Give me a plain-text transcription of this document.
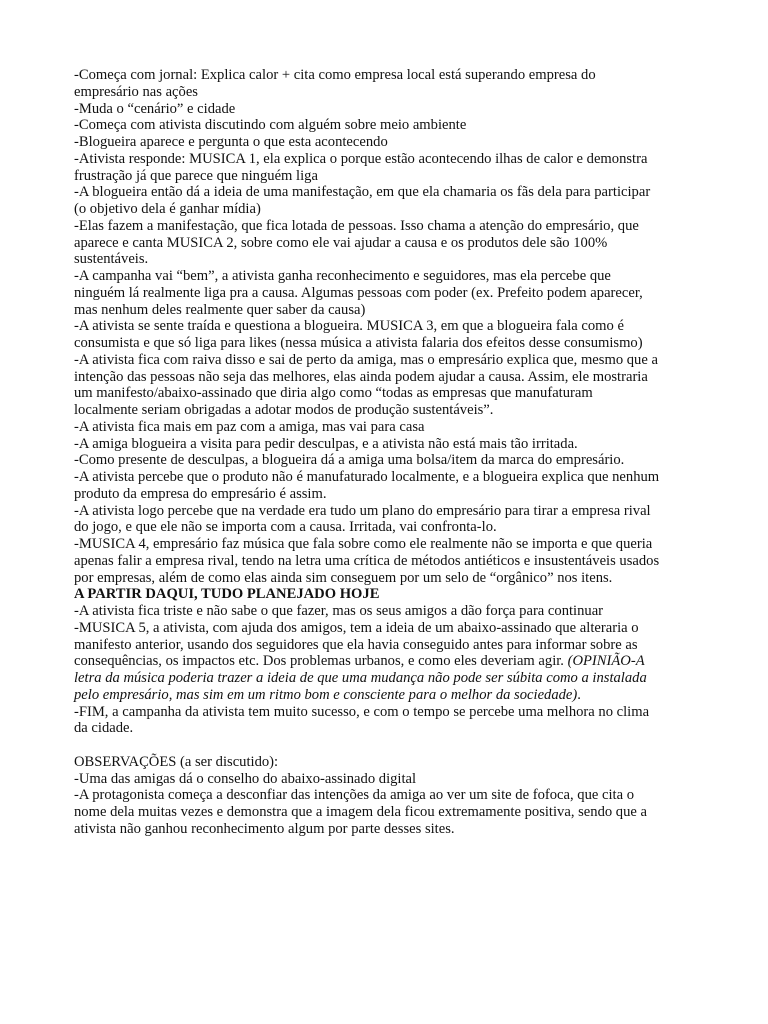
-Começa com jornal: Explica calor + cita como empresa local está superando empresa do
empresário nas ações
-Muda o “cenário” e cidade
-Começa com ativista discutindo com alguém sobre meio ambiente
-Blogueira aparece e pergunta o que esta acontecendo
-Ativista responde: MUSICA 1, ela explica o porque estão acontecendo ilhas de calor e demonstra
frustração já que parece que ninguém liga
-A blogueira então dá a ideia de uma manifestação, em que ela chamaria os fãs dela para participar
(o objetivo dela é ganhar mídia)
-Elas fazem a manifestação, que fica lotada de pessoas. Isso chama a atenção do empresário, que
aparece e canta MUSICA 2, sobre como ele vai ajudar a causa e os produtos dele são 100%
sustentáveis.
-A campanha vai “bem”, a ativista ganha reconhecimento e seguidores, mas ela percebe que
ninguém lá realmente liga pra a causa. Algumas pessoas com poder (ex. Prefeito podem aparecer,
mas nenhum deles realmente quer saber da causa)
-A ativista se sente traída e questiona a blogueira. MUSICA 3, em que a blogueira fala como é
consumista e que só liga para likes (nessa música a ativista falaria dos efeitos desse consumismo)
-A ativista fica com raiva disso e sai de perto da amiga, mas o empresário explica que, mesmo que a
intenção das pessoas não seja das melhores, elas ainda podem ajudar a causa. Assim, ele mostraria
um manifesto/abaixo-assinado que diria algo como “todas as empresas que manufaturam
localmente seriam obrigadas a adotar modos de produção sustentáveis”.
-A ativista fica mais em paz com a amiga, mas vai para casa
-A amiga blogueira a visita para pedir desculpas, e a ativista não está mais tão irritada.
-Como presente de desculpas, a blogueira dá a amiga uma bolsa/item da marca do empresário.
-A ativista percebe que o produto não é manufaturado localmente, e a blogueira explica que nenhum
produto da empresa do empresário é assim.
-A ativista logo percebe que na verdade era tudo um plano do empresário para tirar a empresa rival
do jogo, e que ele não se importa com a causa. Irritada, vai confronta-lo.
-MUSICA 4, empresário faz música que fala sobre como ele realmente não se importa e que queria
apenas falir a empresa rival, tendo na letra uma crítica de métodos antiéticos e insustentáveis usados
por empresas, além de como elas ainda sim conseguem por um selo de “orgânico” nos itens.
A PARTIR DAQUI, TUDO PLANEJADO HOJE
-A ativista fica triste e não sabe o que fazer, mas os seus amigos a dão força para continuar
-MUSICA 5, a ativista, com ajuda dos amigos, tem a ideia de um abaixo-assinado que alteraria o
manifesto anterior, usando dos seguidores que ela havia conseguido antes para informar sobre as
consequências, os impactos etc. Dos problemas urbanos, e como eles deveriam agir. (OPINIÃO-A
letra da música poderia trazer a ideia de que uma mudança não pode ser súbita como a instalada
pelo empresário, mas sim em um ritmo bom e consciente para o melhor da sociedade).
-FIM, a campanha da ativista tem muito sucesso, e com o tempo se percebe uma melhora no clima
da cidade.
OBSERVAÇÕES (a ser discutido):
-Uma das amigas dá o conselho do abaixo-assinado digital
-A protagonista começa a desconfiar das intenções da amiga ao ver um site de fofoca, que cita o
nome dela muitas vezes e demonstra que a imagem dela ficou extremamente positiva, sendo que a
ativista não ganhou reconhecimento algum por parte desses sites.
